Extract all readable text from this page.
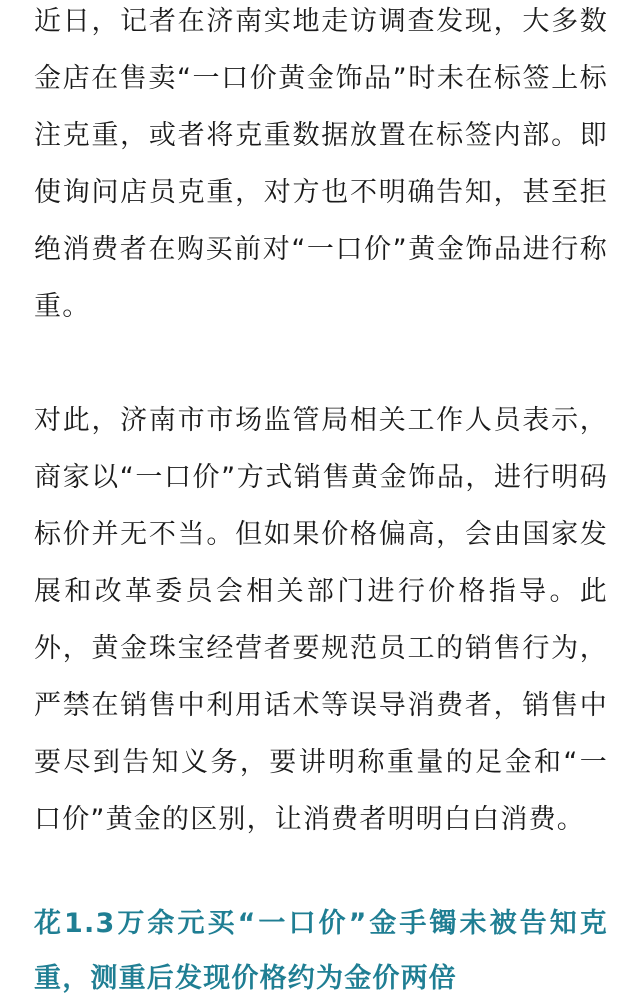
近日，记者在济南实地走访调查发现，大多数金店在售卖“一口价黄金饰品”时未在标签上标注克重，或者将克重数据放置在标签内部。即使询问店员克重，对方也不明确告知，甚至拒绝消费者在购买前对“一口价”黄金饰品进行称重。

对此，济南市市场监管局相关工作人员表示，商家以“一口价”方式销售黄金饰品，进行明码标价并无不当。但如果价格偏高，会由国家发展和改革委员会相关部门进行价格指导。此外，黄金珠宝经营者要规范员工的销售行为，严禁在销售中利用话术等误导消费者，销售中要尽到告知义务，要讲明称重量的足金和“一口价”黄金的区别，让消费者明明白白消费。

花1.3万余元买“一口价”金手镯未被告知克重，测重后发现价格约为金价两倍
